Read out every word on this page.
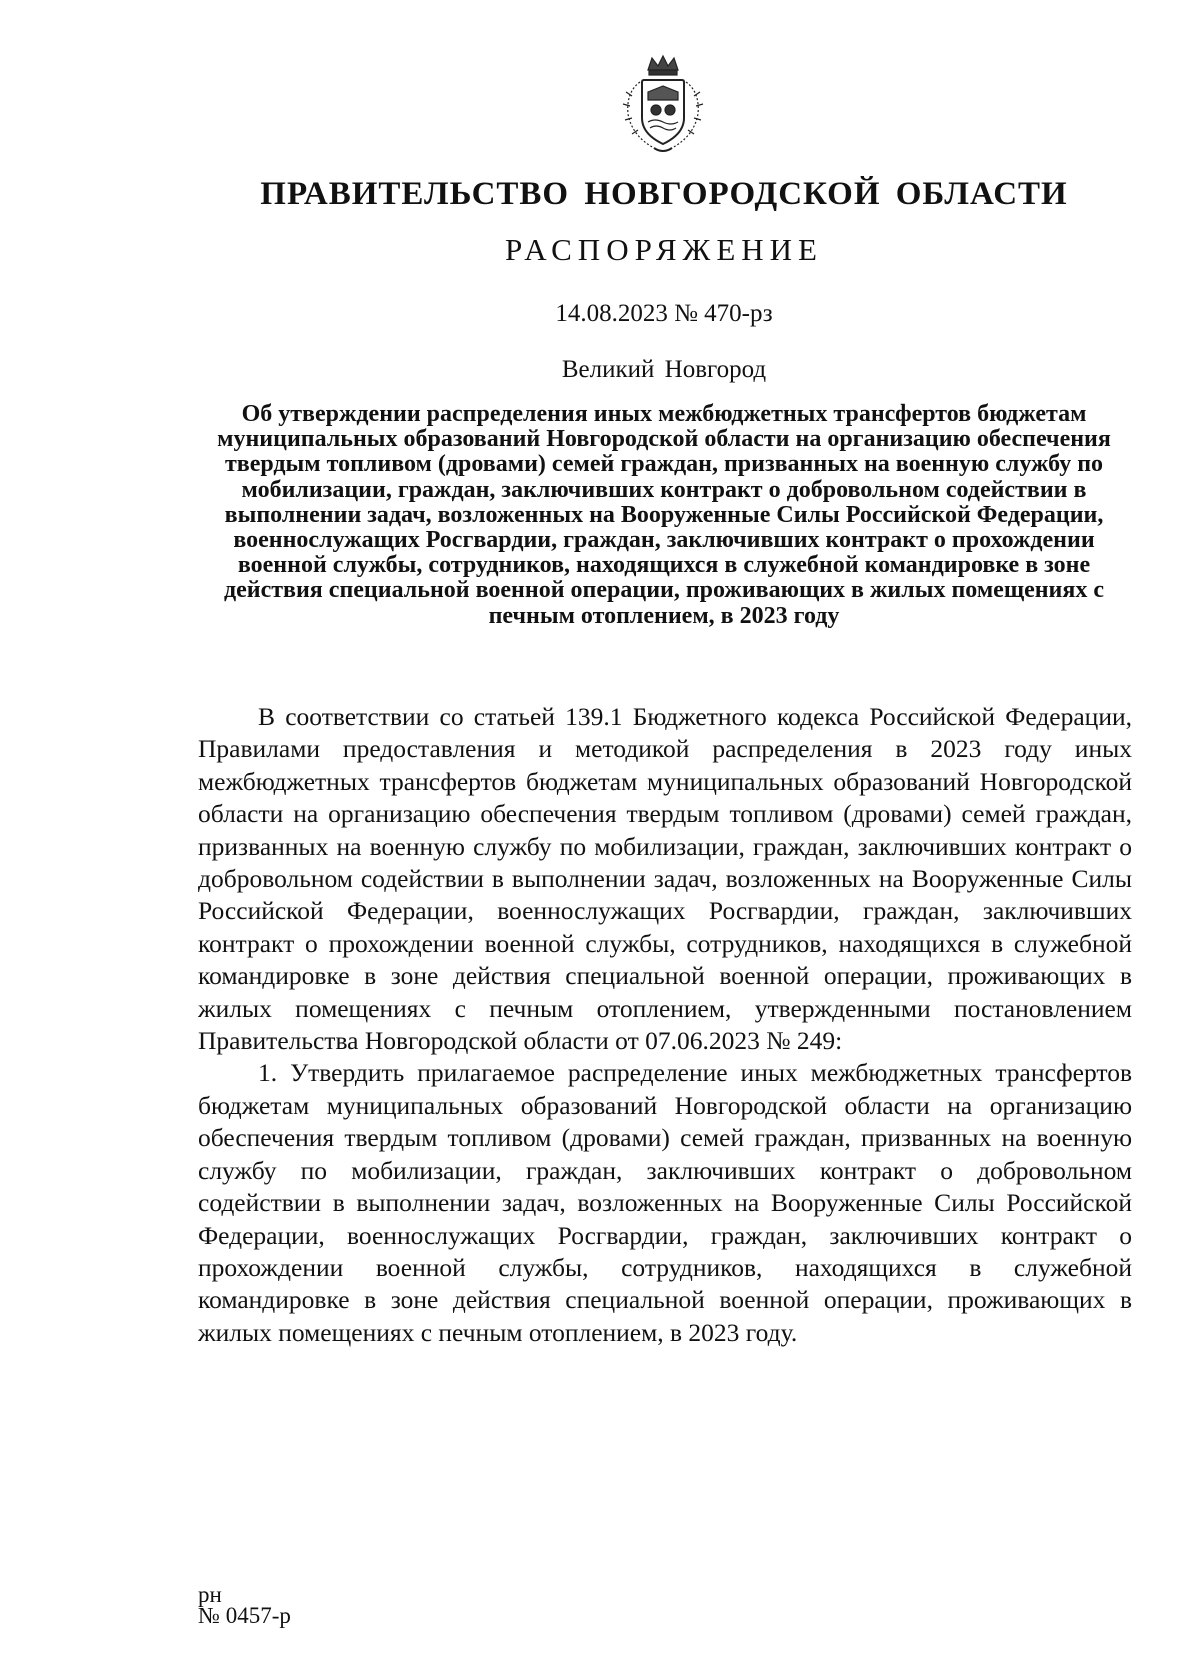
ПРАВИТЕЛЬСТВО НОВГОРОДСКОЙ ОБЛАСТИ
РАСПОРЯЖЕНИЕ
14.08.2023 № 470-рз
Великий Новгород
Об утверждении распределения иных межбюджетных трансфертов бюджетам муниципальных образований Новгородской области на организацию обеспечения твердым топливом (дровами) семей граждан, призванных на военную службу по мобилизации, граждан, заключивших контракт о добровольном содействии в выполнении задач, возложенных на Вооруженные Силы Российской Федерации, военнослужащих Росгвардии, граждан, заключивших контракт о прохождении военной службы, сотрудников, находящихся в служебной командировке в зоне действия специальной военной операции, проживающих в жилых помещениях с печным отоплением, в 2023 году

В соответствии со статьей 139.1 Бюджетного кодекса Российской Федерации, Правилами предоставления и методикой распределения в 2023 году иных межбюджетных трансфертов бюджетам муниципальных образований Новгородской области на организацию обеспечения твердым топливом (дровами) семей граждан, призванных на военную службу по мобилизации, граждан, заключивших контракт о добровольном содействии в выполнении задач, возложенных на Вооруженные Силы Российской Федерации, военнослужащих Росгвардии, граждан, заключивших контракт о прохождении военной службы, сотрудников, находящихся в служебной командировке в зоне действия специальной военной операции, проживающих в жилых помещениях с печным отоплением, утвержденными постановлением Правительства Новгородской области от 07.06.2023 № 249:

1. Утвердить прилагаемое распределение иных межбюджетных трансфертов бюджетам муниципальных образований Новгородской области на организацию обеспечения твердым топливом (дровами) семей граждан, призванных на военную службу по мобилизации, граждан, заключивших контракт о добровольном содействии в выполнении задач, возложенных на Вооруженные Силы Российской Федерации, военнослужащих Росгвардии, граждан, заключивших контракт о прохождении военной службы, сотрудников, находящихся в служебной командировке в зоне действия специальной военной операции, проживающих в жилых помещениях с печным отоплением, в 2023 году.

рн
№ 0457-р
